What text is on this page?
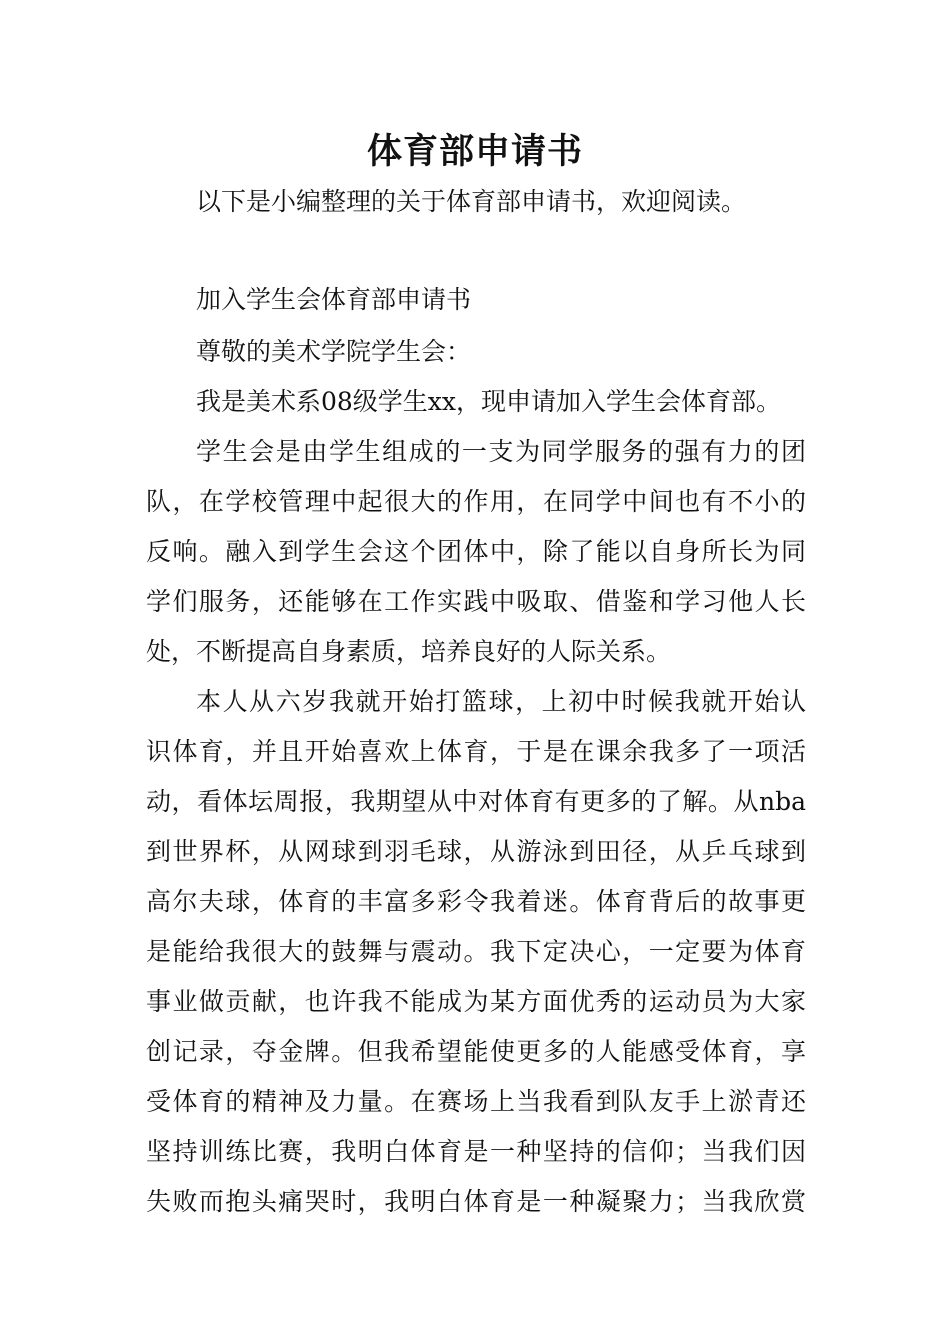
体育部申请书
以下是小编整理的关于体育部申请书，欢迎阅读。
加入学生会体育部申请书
尊敬的美术学院学生会：
我是美术系08级学生xx，现申请加入学生会体育部。
学生会是由学生组成的一支为同学服务的强有力的团
队，在学校管理中起很大的作用，在同学中间也有不小的
反响。融入到学生会这个团体中，除了能以自身所长为同
学们服务，还能够在工作实践中吸取、借鉴和学习他人长
处，不断提高自身素质，培养良好的人际关系。
本人从六岁我就开始打篮球，上初中时候我就开始认
识体育，并且开始喜欢上体育，于是在课余我多了一项活
动，看体坛周报，我期望从中对体育有更多的了解。从nba
到世界杯，从网球到羽毛球，从游泳到田径，从乒乓球到
高尔夫球，体育的丰富多彩令我着迷。体育背后的故事更
是能给我很大的鼓舞与震动。我下定决心，一定要为体育
事业做贡献，也许我不能成为某方面优秀的运动员为大家
创记录，夺金牌。但我希望能使更多的人能感受体育，享
受体育的精神及力量。在赛场上当我看到队友手上淤青还
坚持训练比赛，我明白体育是一种坚持的信仰；当我们因
失败而抱头痛哭时，我明白体育是一种凝聚力；当我欣赏
